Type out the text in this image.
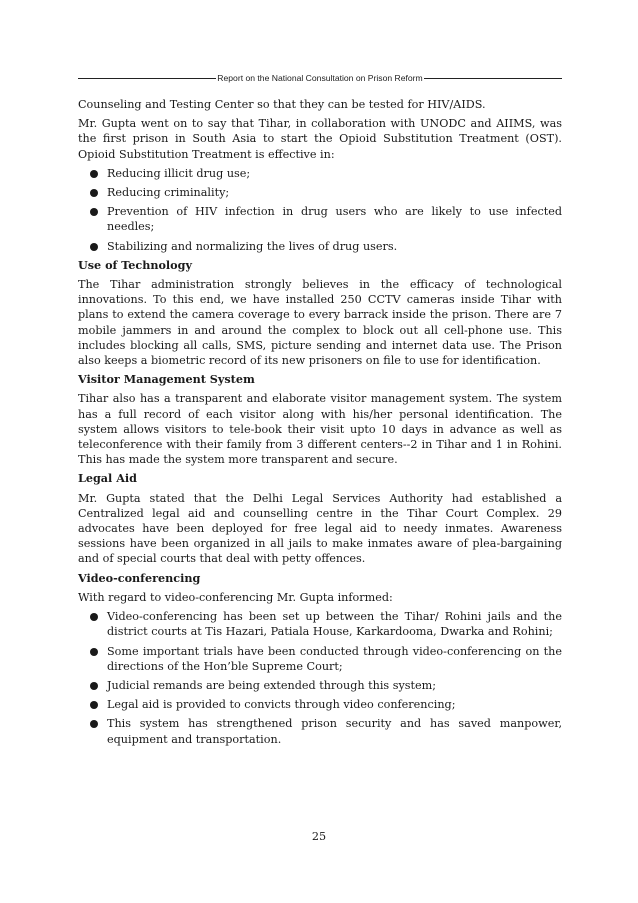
Report on the National Consultation on Prison Reform

Counseling and Testing Center so that they can be tested for HIV/AIDS.

Mr. Gupta went on to say that Tihar, in collaboration with UNODC and AIIMS, was the first prison in South Asia to start the Opioid Substitution Treatment (OST). Opioid Substitution Treatment is effective in:

Reducing illicit drug use;
Reducing criminality;
Prevention of HIV infection in drug users who are likely to use infected needles;
Stabilizing and normalizing the lives of drug users.
Use of Technology

The Tihar administration strongly believes in the efficacy of technological innovations. To this end, we have installed 250 CCTV cameras inside Tihar with plans to extend the camera coverage to every barrack inside the prison. There are 7 mobile jammers in and around the complex to block out all cell-phone use. This includes blocking all calls, SMS, picture sending and internet data use. The Prison also keeps a biometric record of its new prisoners on file to use for identification.

Visitor Management System

Tihar also has a transparent and elaborate visitor management system. The system has a full record of each visitor along with his/her personal identification. The system allows visitors to tele-book their visit upto 10 days in advance as well as teleconference with their family from 3 different centers--2 in Tihar and 1 in Rohini. This has made the system more transparent and secure.

Legal Aid

Mr. Gupta stated that the Delhi Legal Services Authority had established a Centralized legal aid and counselling centre in the Tihar Court Complex. 29 advocates have been deployed for free legal aid to needy inmates. Awareness sessions have been organized in all jails to make inmates aware of plea-bargaining and of special courts that deal with petty offences.

Video-conferencing

With regard to video-conferencing Mr. Gupta informed:

Video-conferencing has been set up between the Tihar/ Rohini jails and the district courts at Tis Hazari, Patiala House, Karkardooma, Dwarka and Rohini;
Some important trials have been conducted through video-conferencing on the directions of the Hon’ble Supreme Court;
Judicial remands are being extended through this system;
Legal aid is provided to convicts through video conferencing;
This system has strengthened prison security and has saved manpower, equipment and transportation.
25
